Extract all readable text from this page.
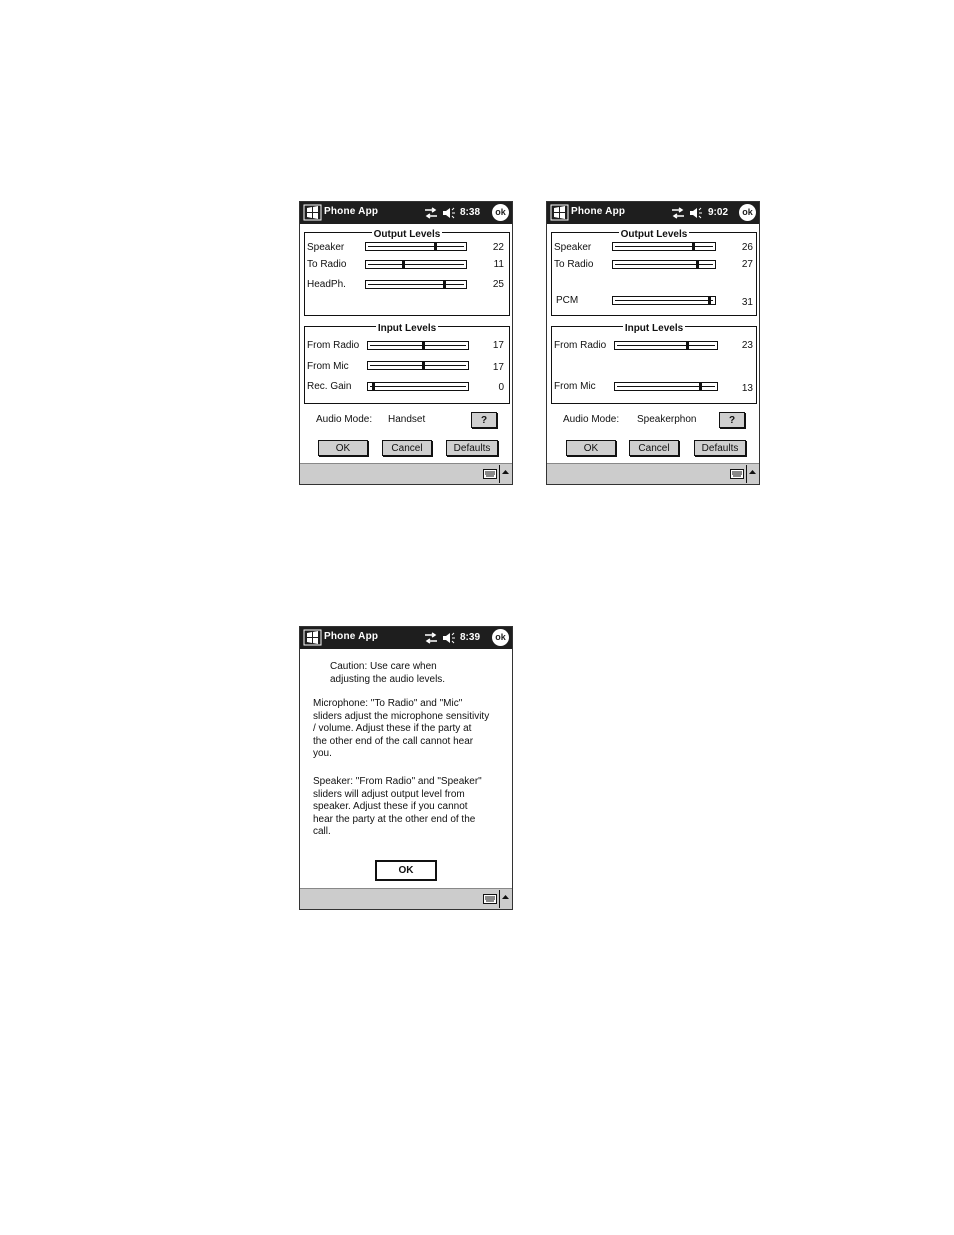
Phone App	8:38	ok
Output Levels
Speaker	22
To Radio	11
HeadPh.	25
Input Levels
From Radio	17
From Mic	17
Rec. Gain	0
Audio Mode: Handset	?
OK	Cancel	Defaults
Phone App	9:02	ok
Output Levels
Speaker	26
To Radio	27
PCM	31
Input Levels
From Radio	23
From Mic	13
Audio Mode: Speakerphon	?
OK	Cancel	Defaults
Phone App	8:39	ok
Caution: Use care when
adjusting the audio levels.
Microphone: "To Radio" and "Mic"
sliders adjust the microphone sensitivity
/ volume. Adjust these if the party at
the other end of the call cannot hear
you.
Speaker: "From Radio" and "Speaker"
sliders will adjust output level from
speaker. Adjust these if you cannot
hear the party at the other end of the
call.
OK
